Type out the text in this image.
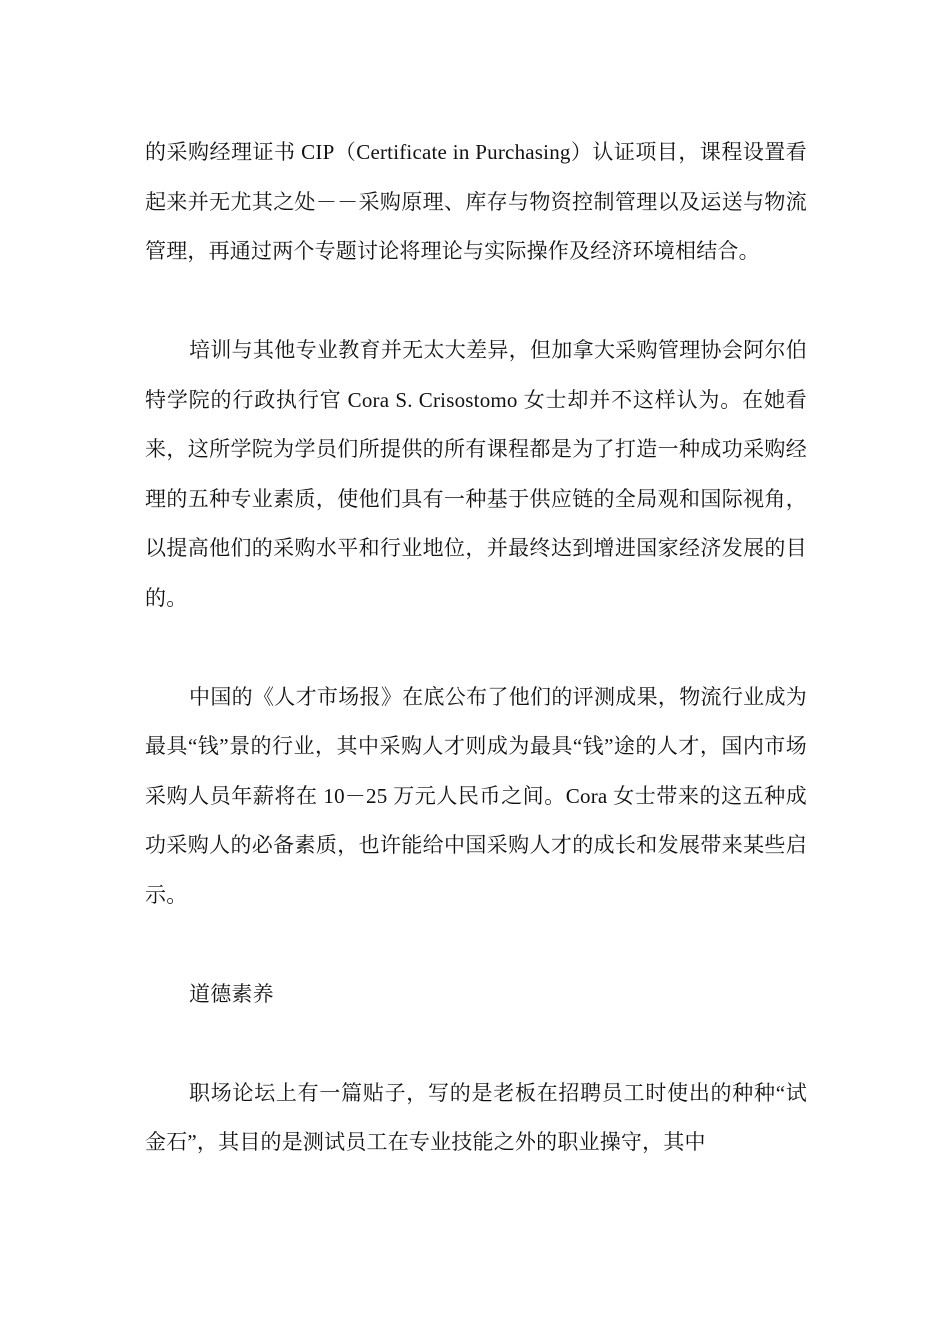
的采购经理证书 CIP（Certificate in Purchasing）认证项目，课程设置看起来并无尤其之处－－采购原理、库存与物资控制管理以及运送与物流管理，再通过两个专题讨论将理论与实际操作及经济环境相结合。

培训与其他专业教育并无太大差异，但加拿大采购管理协会阿尔伯特学院的行政执行官 Cora S. Crisostomo 女士却并不这样认为。在她看来，这所学院为学员们所提供的所有课程都是为了打造一种成功采购经理的五种专业素质，使他们具有一种基于供应链的全局观和国际视角，以提高他们的采购水平和行业地位，并最终达到增进国家经济发展的目的。

中国的《人才市场报》在底公布了他们的评测成果，物流行业成为最具“钱”景的行业，其中采购人才则成为最具“钱”途的人才，国内市场采购人员年薪将在 10－25 万元人民币之间。Cora 女士带来的这五种成功采购人的必备素质，也许能给中国采购人才的成长和发展带来某些启示。

道德素养

职场论坛上有一篇贴子，写的是老板在招聘员工时使出的种种“试金石”，其目的是测试员工在专业技能之外的职业操守，其中
